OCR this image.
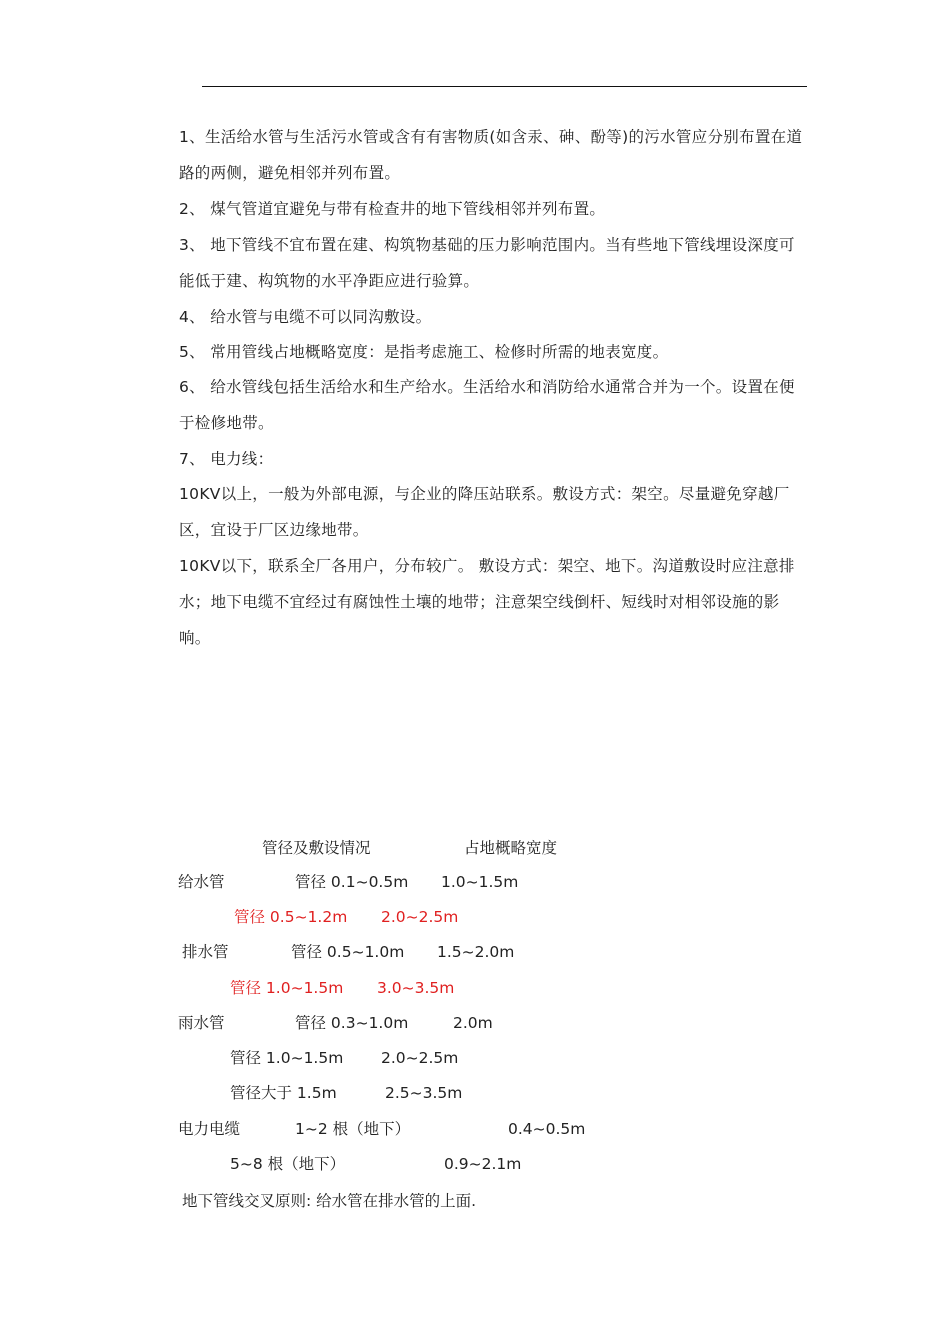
1、生活给水管与生活污水管或含有有害物质(如含汞、砷、酚等)的污水管应分别布置在道路的两侧，避免相邻并列布置。

2、 煤气管道宜避免与带有检查井的地下管线相邻并列布置。

3、 地下管线不宜布置在建、构筑物基础的压力影响范围内。当有些地下管线埋设深度可能低于建、构筑物的水平净距应进行验算。

4、 给水管与电缆不可以同沟敷设。

5、 常用管线占地概略宽度：是指考虑施工、检修时所需的地表宽度。

6、 给水管线包括生活给水和生产给水。生活给水和消防给水通常合并为一个。设置在便于检修地带。

7、 电力线：

10KV以上，一般为外部电源，与企业的降压站联系。敷设方式：架空。尽量避免穿越厂区，宜设于厂区边缘地带。

10KV以下，联系全厂各用户，分布较广。 敷设方式：架空、地下。沟道敷设时应注意排水；地下电缆不宜经过有腐蚀性土壤的地带；注意架空线倒杆、短线时对相邻设施的影响。

管径及敷设情况	占地概略宽度
给水管	管径 0.1~0.5m 1.0~1.5m
管径 0.5~1.2m 2.0~2.5m
排水管	管径 0.5~1.0m 1.5~2.0m
管径 1.0~1.5m 3.0~3.5m
雨水管	管径 0.3~1.0m	2.0m
管径 1.0~1.5m 2.0~2.5m
管径大于 1.5m	2.5~3.5m
电力电缆	1~2 根（地下）	0.4~0.5m
5~8 根（地下）	0.9~2.1m
地下管线交叉原则: 给水管在排水管的上面.
